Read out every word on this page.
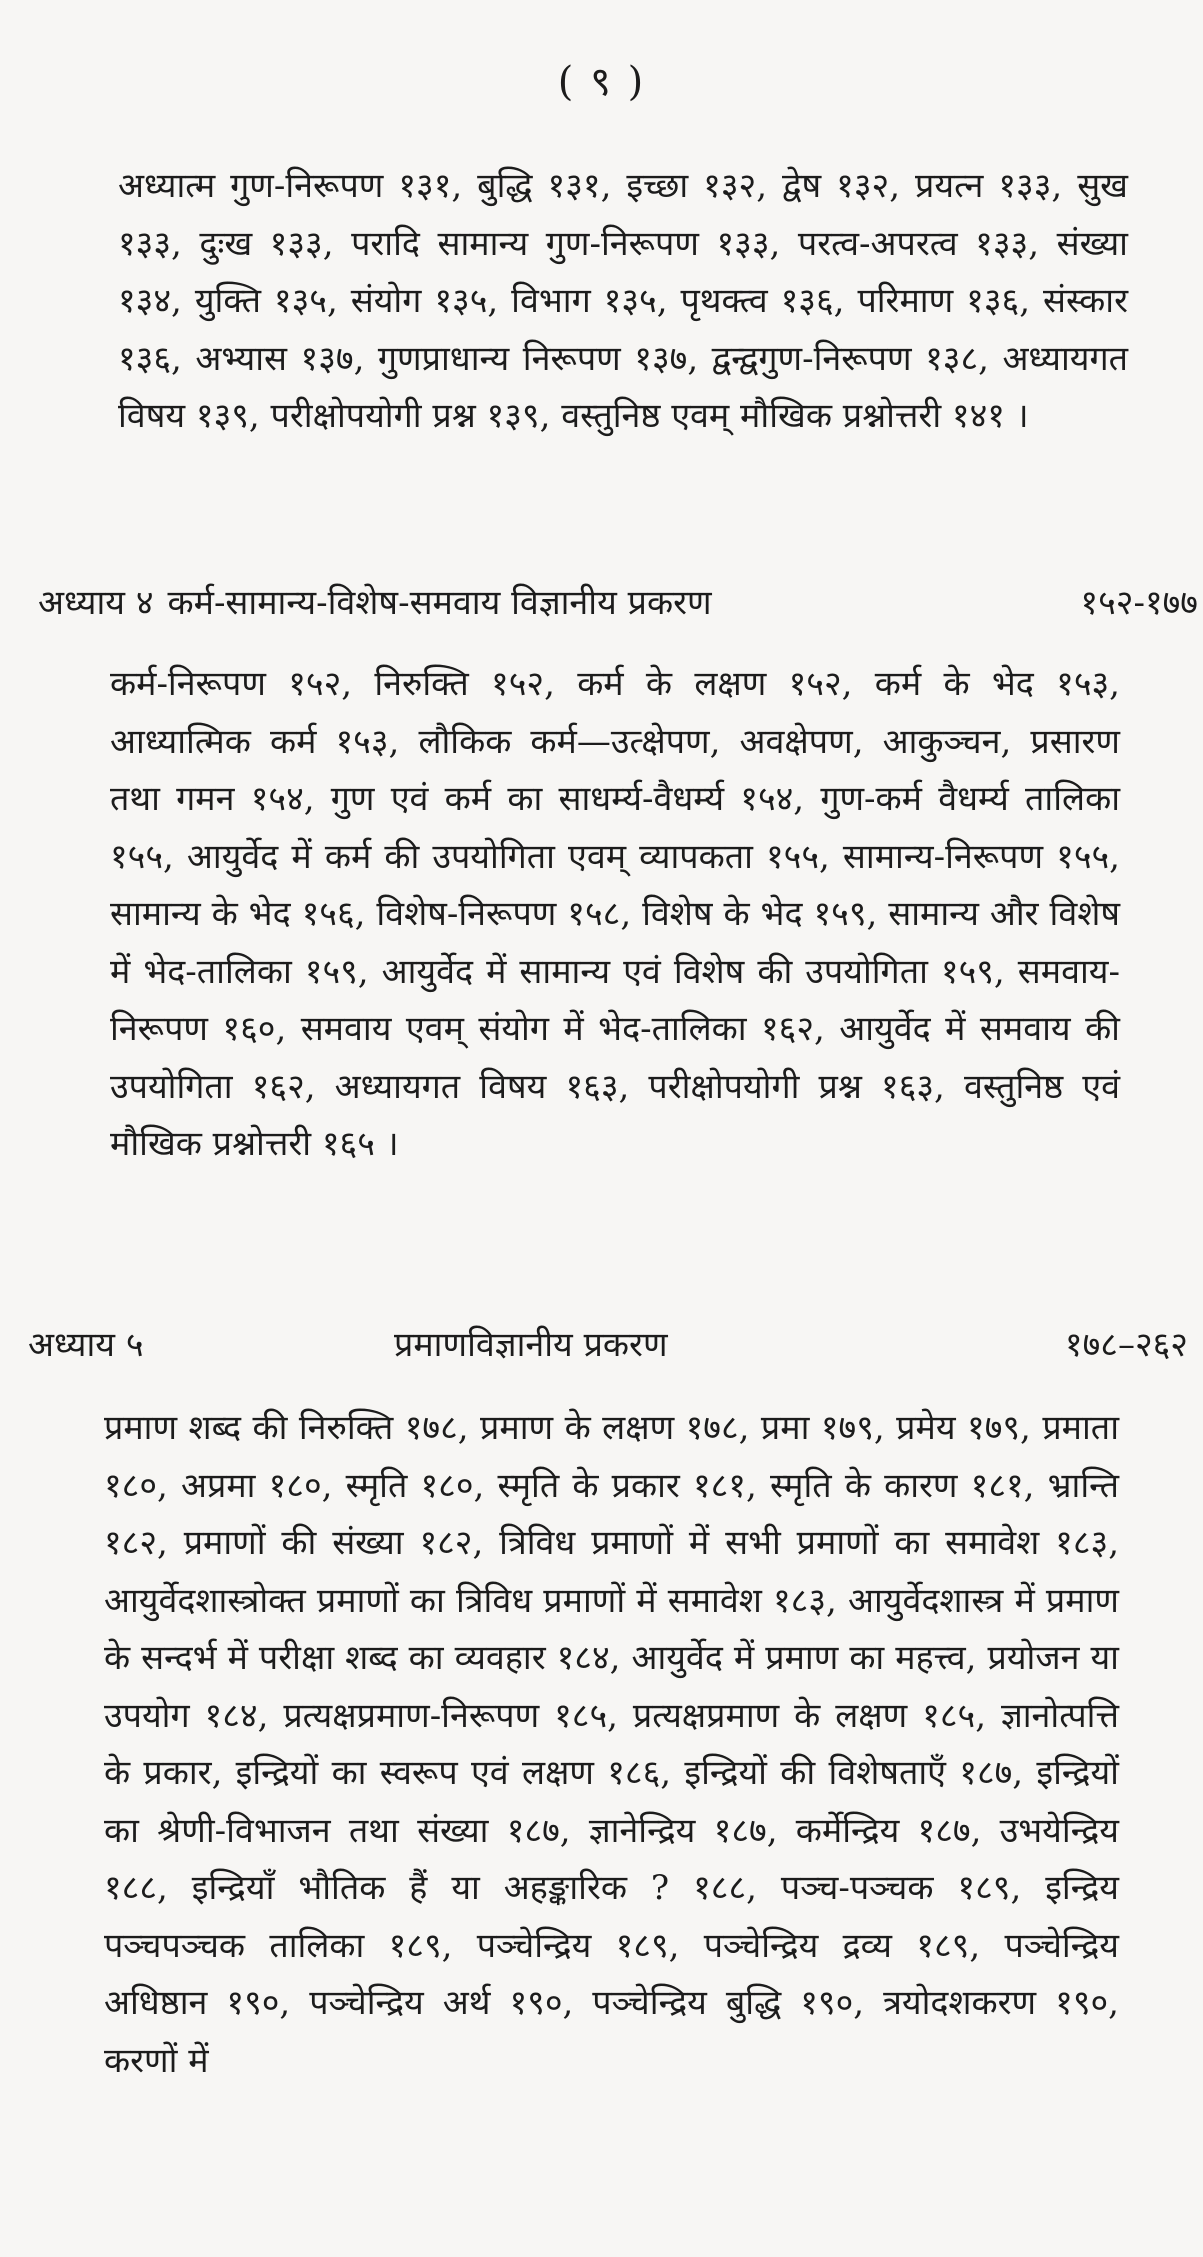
( ९ )

अध्यात्म गुण-निरूपण १३१, बुद्धि १३१, इच्छा १३२, द्वेष १३२, प्रयत्न १३३, सुख १३३, दुःख १३३, परादि सामान्य गुण-निरूपण १३३, परत्व-अपरत्व १३३, संख्या १३४, युक्ति १३५, संयोग १३५, विभाग १३५, पृथक्त्व १३६, परिमाण १३६, संस्कार १३६, अभ्यास १३७, गुणप्राधान्य निरूपण १३७, द्वन्द्वगुण-निरूपण १३८, अध्यायगत विषय १३९, परीक्षोपयोगी प्रश्न १३९, वस्तुनिष्ठ एवम् मौखिक प्रश्नोत्तरी १४१ ।

अध्याय ४ कर्म-सामान्य-विशेष-समवाय विज्ञानीय प्रकरण	१५२-१७७

कर्म-निरूपण १५२, निरुक्ति १५२, कर्म के लक्षण १५२, कर्म के भेद १५३, आध्यात्मिक कर्म १५३, लौकिक कर्म—उत्क्षेपण, अवक्षेपण, आकुञ्चन, प्रसारण तथा गमन १५४, गुण एवं कर्म का साधर्म्य-वैधर्म्य १५४, गुण-कर्म वैधर्म्य तालिका १५५, आयुर्वेद में कर्म की उपयोगिता एवम् व्यापकता १५५, सामान्य-निरूपण १५५, सामान्य के भेद १५६, विशेष-निरूपण १५८, विशेष के भेद १५९, सामान्य और विशेष में भेद-तालिका १५९, आयुर्वेद में सामान्य एवं विशेष की उपयोगिता १५९, समवाय-निरूपण १६०, समवाय एवम् संयोग में भेद-तालिका १६२, आयुर्वेद में समवाय की उपयोगिता १६२, अध्यायगत विषय १६३, परीक्षोपयोगी प्रश्न १६३, वस्तुनिष्ठ एवं मौखिक प्रश्नोत्तरी १६५ ।

अध्याय ५	प्रमाणविज्ञानीय प्रकरण	१७८–२६२

प्रमाण शब्द की निरुक्ति १७८, प्रमाण के लक्षण १७८, प्रमा १७९, प्रमेय १७९, प्रमाता १८०, अप्रमा १८०, स्मृति १८०, स्मृति के प्रकार १८१, स्मृति के कारण १८१, भ्रान्ति १८२, प्रमाणों की संख्या १८२, त्रिविध प्रमाणों में सभी प्रमाणों का समावेश १८३, आयुर्वेदशास्त्रोक्त प्रमाणों का त्रिविध प्रमाणों में समावेश १८३, आयुर्वेदशास्त्र में प्रमाण के सन्दर्भ में परीक्षा शब्द का व्यवहार १८४, आयुर्वेद में प्रमाण का महत्त्व, प्रयोजन या उपयोग १८४, प्रत्यक्षप्रमाण-निरूपण १८५, प्रत्यक्षप्रमाण के लक्षण १८५, ज्ञानोत्पत्ति के प्रकार, इन्द्रियों का स्वरूप एवं लक्षण १८६, इन्द्रियों की विशेषताएँ १८७, इन्द्रियों का श्रेणी-विभाजन तथा संख्या १८७, ज्ञानेन्द्रिय १८७, कर्मेन्द्रिय १८७, उभयेन्द्रिय १८८, इन्द्रियाँ भौतिक हैं या अहङ्कारिक ? १८८, पञ्च-पञ्चक १८९, इन्द्रिय पञ्चपञ्चक तालिका १८९, पञ्चेन्द्रिय १८९, पञ्चेन्द्रिय द्रव्य १८९, पञ्चेन्द्रिय अधिष्ठान १९०, पञ्चेन्द्रिय अर्थ १९०, पञ्चेन्द्रिय बुद्धि १९०, त्रयोदशकरण १९०, करणों में
